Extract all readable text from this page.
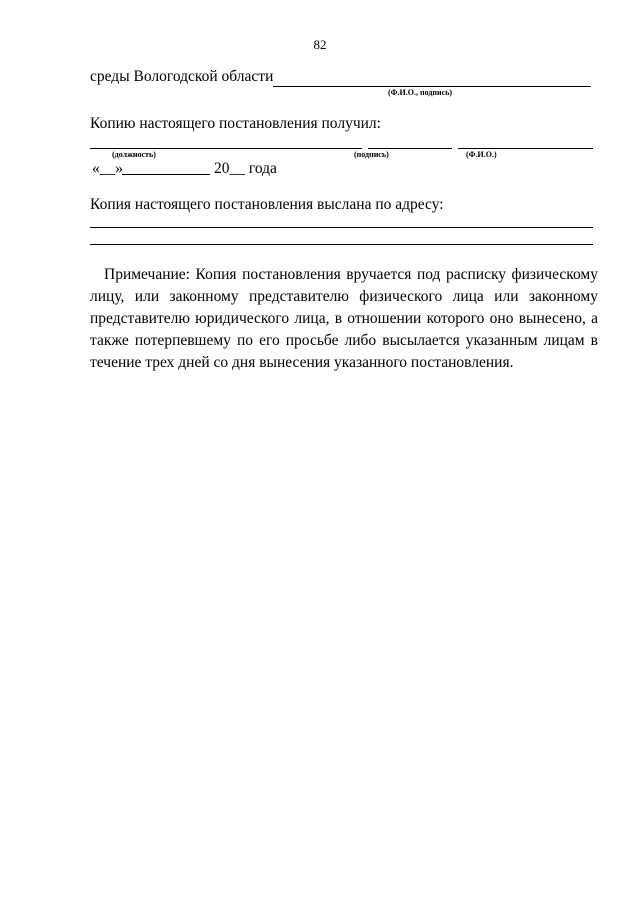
82
среды Вологодской области
(Ф.И.О., подпись)
Копию настоящего постановления получил:
(должность)	(подпись)	(Ф.И.О.)
«__»	20__ года
Копия настоящего постановления выслана по адресу:
Примечание: Копия постановления вручается под расписку физическому лицу, или законному представителю физического лица или законному представителю юридического лица, в отношении которого оно вынесено, а также потерпевшему по его просьбе либо высылается указанным лицам в течение трех дней со дня вынесения указанного постановления.
